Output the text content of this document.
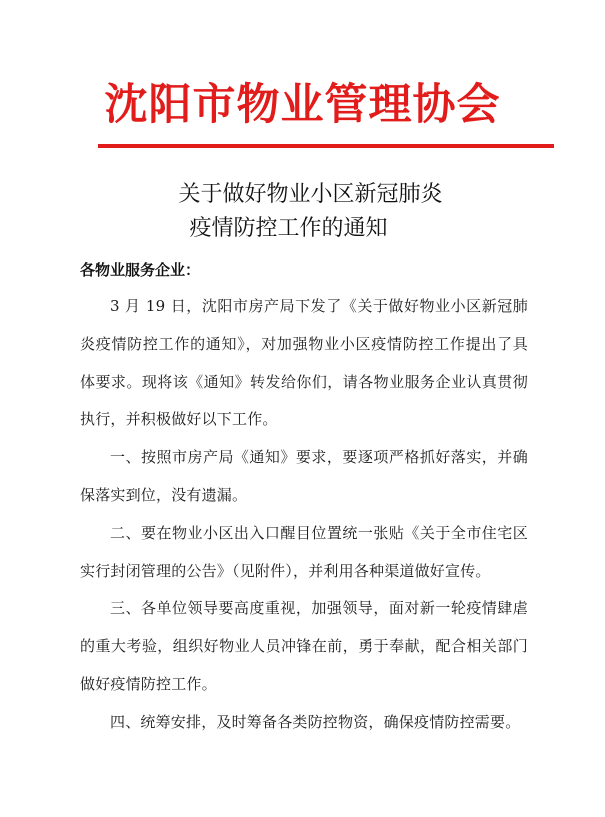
沈阳市物业管理协会
关于做好物业小区新冠肺炎
疫情防控工作的通知
各物业服务企业：

3 月 19 日，沈阳市房产局下发了《关于做好物业小区新冠肺炎疫情防控工作的通知》，对加强物业小区疫情防控工作提出了具体要求。现将该《通知》转发给你们，请各物业服务企业认真贯彻执行，并积极做好以下工作。

一、按照市房产局《通知》要求，要逐项严格抓好落实，并确保落实到位，没有遗漏。

二、要在物业小区出入口醒目位置统一张贴《关于全市住宅区实行封闭管理的公告》（见附件），并利用各种渠道做好宣传。

三、各单位领导要高度重视，加强领导，面对新一轮疫情肆虐的重大考验，组织好物业人员冲锋在前，勇于奉献，配合相关部门做好疫情防控工作。

四、统筹安排，及时筹备各类防控物资，确保疫情防控需要。
